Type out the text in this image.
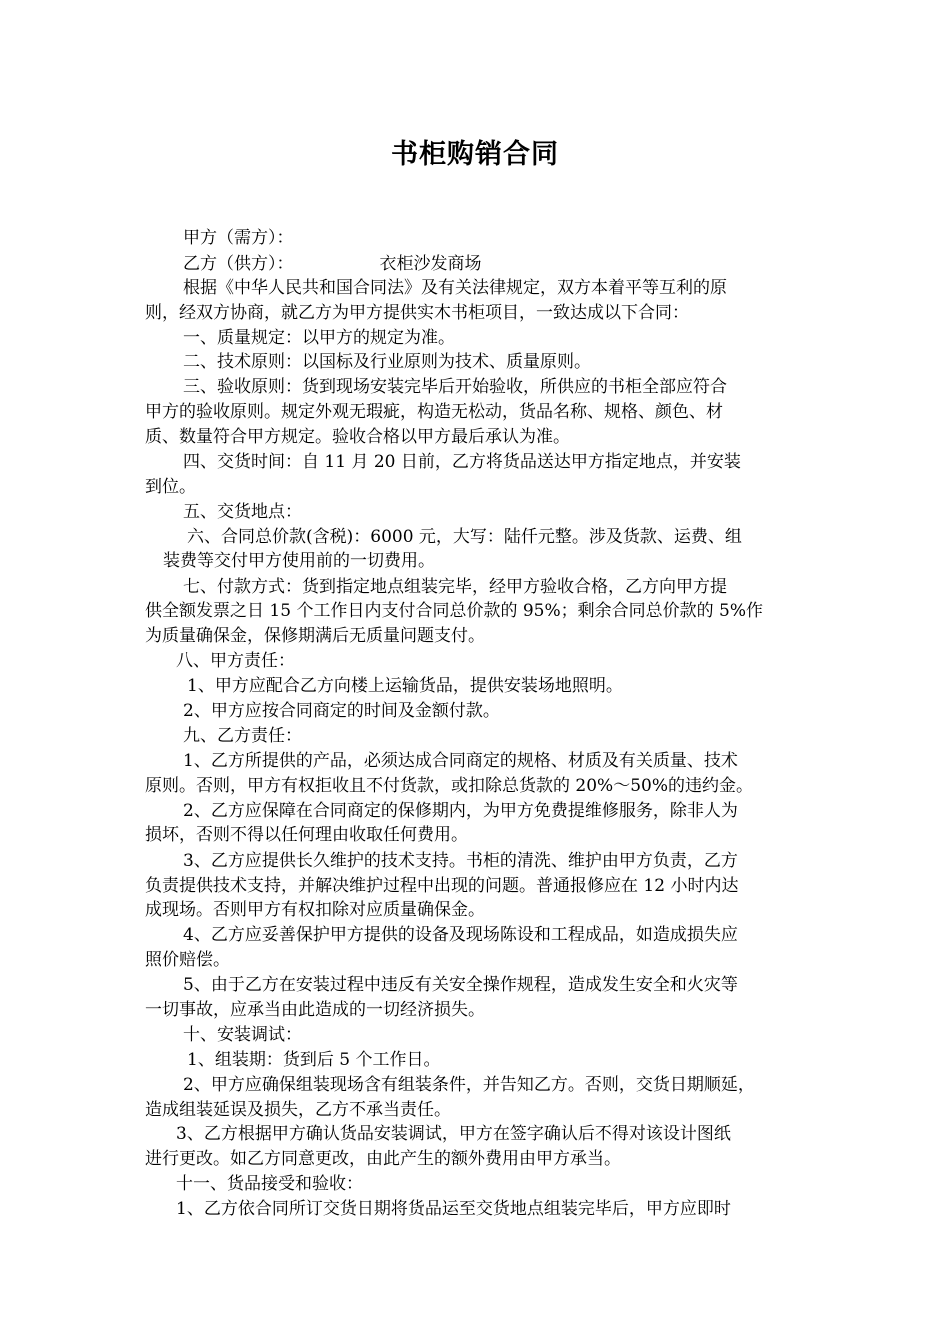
书柜购销合同
甲方（需方）：
乙方（供方）：	衣柜沙发商场
根据《中华人民共和国合同法》及有关法律规定，双方本着平等互利的原
则，经双方协商，就乙方为甲方提供实木书柜项目，一致达成以下合同：
一、质量规定：以甲方的规定为准。
二、技术原则：以国标及行业原则为技术、质量原则。
三、验收原则：货到现场安装完毕后开始验收，所供应的书柜全部应符合
甲方的验收原则。规定外观无瑕疵，构造无松动，货品名称、规格、颜色、材
质、数量符合甲方规定。验收合格以甲方最后承认为准。
四、交货时间：自 11 月 20 日前，乙方将货品送达甲方指定地点，并安装
到位。
五、交货地点：
六、合同总价款(含税)：6000 元，大写：陆仟元整。涉及货款、运费、组
装费等交付甲方使用前的一切费用。
七、付款方式：货到指定地点组装完毕，经甲方验收合格，乙方向甲方提
供全额发票之日 15 个工作日内支付合同总价款的 95%；剩余合同总价款的 5%作
为质量确保金，保修期满后无质量问题支付。
八、甲方责任：
1、甲方应配合乙方向楼上运输货品，提供安装场地照明。
2、甲方应按合同商定的时间及金额付款。
九、乙方责任：
1、乙方所提供的产品，必须达成合同商定的规格、材质及有关质量、技术
原则。否则，甲方有权拒收且不付货款，或扣除总货款的 20%～50%的违约金。
2、乙方应保障在合同商定的保修期内，为甲方免费提维修服务，除非人为
损坏，否则不得以任何理由收取任何费用。
3、乙方应提供长久维护的技术支持。书柜的清洗、维护由甲方负责，乙方
负责提供技术支持，并解决维护过程中出现的问题。普通报修应在 12 小时内达
成现场。否则甲方有权扣除对应质量确保金。
4、乙方应妥善保护甲方提供的设备及现场陈设和工程成品，如造成损失应
照价赔偿。
5、由于乙方在安装过程中违反有关安全操作规程，造成发生安全和火灾等
一切事故，应承当由此造成的一切经济损失。
十、安装调试：
1、组装期：货到后 5 个工作日。
2、甲方应确保组装现场含有组装条件，并告知乙方。否则，交货日期顺延，
造成组装延误及损失，乙方不承当责任。
3、乙方根据甲方确认货品安装调试，甲方在签字确认后不得对该设计图纸
进行更改。如乙方同意更改，由此产生的额外费用由甲方承当。
十一、货品接受和验收：
1、乙方依合同所订交货日期将货品运至交货地点组装完毕后，甲方应即时
